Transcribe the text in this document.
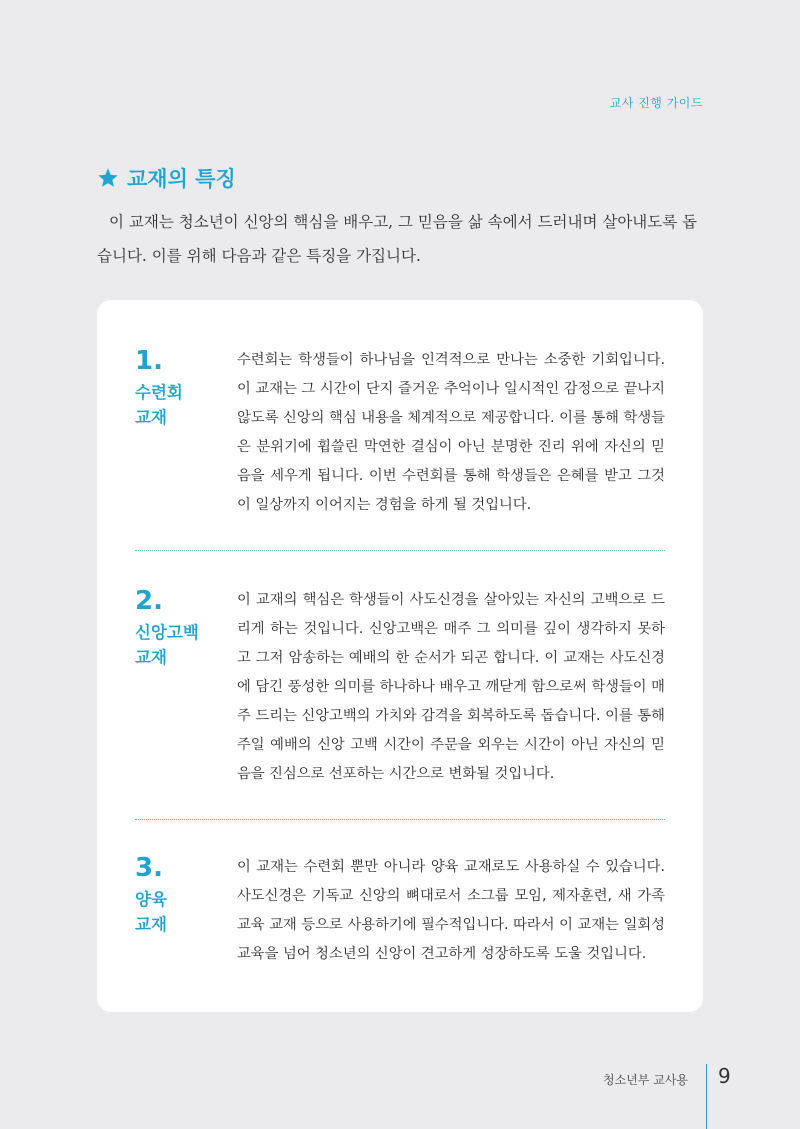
교사 진행 가이드
교재의 특징

이 교재는 청소년이 신앙의 핵심을 배우고, 그 믿음을 삶 속에서 드러내며 살아내도록 돕습니다. 이를 위해 다음과 같은 특징을 가집니다.

1.
수련회
교재

수련회는 학생들이 하나님을 인격적으로 만나는 소중한 기회입니다. 이 교재는 그 시간이 단지 즐거운 추억이나 일시적인 감정으로 끝나지 않도록 신앙의 핵심 내용을 체계적으로 제공합니다. 이를 통해 학생들은 분위기에 휩쓸린 막연한 결심이 아닌 분명한 진리 위에 자신의 믿음을 세우게 됩니다. 이번 수련회를 통해 학생들은 은혜를 받고 그것이 일상까지 이어지는 경험을 하게 될 것입니다.

2.
신앙고백
교재

이 교재의 핵심은 학생들이 사도신경을 살아있는 자신의 고백으로 드리게 하는 것입니다. 신앙고백은 매주 그 의미를 깊이 생각하지 못하고 그저 암송하는 예배의 한 순서가 되곤 합니다. 이 교재는 사도신경에 담긴 풍성한 의미를 하나하나 배우고 깨닫게 함으로써 학생들이 매주 드리는 신앙고백의 가치와 감격을 회복하도록 돕습니다. 이를 통해 주일 예배의 신앙 고백 시간이 주문을 외우는 시간이 아닌 자신의 믿음을 진심으로 선포하는 시간으로 변화될 것입니다.

3.
양육
교재

이 교재는 수련회 뿐만 아니라 양육 교재로도 사용하실 수 있습니다. 사도신경은 기독교 신앙의 뼈대로서 소그룹 모임, 제자훈련, 새 가족 교육 교재 등으로 사용하기에 필수적입니다. 따라서 이 교재는 일회성 교육을 넘어 청소년의 신앙이 견고하게 성장하도록 도울 것입니다.

청소년부 교사용 9
